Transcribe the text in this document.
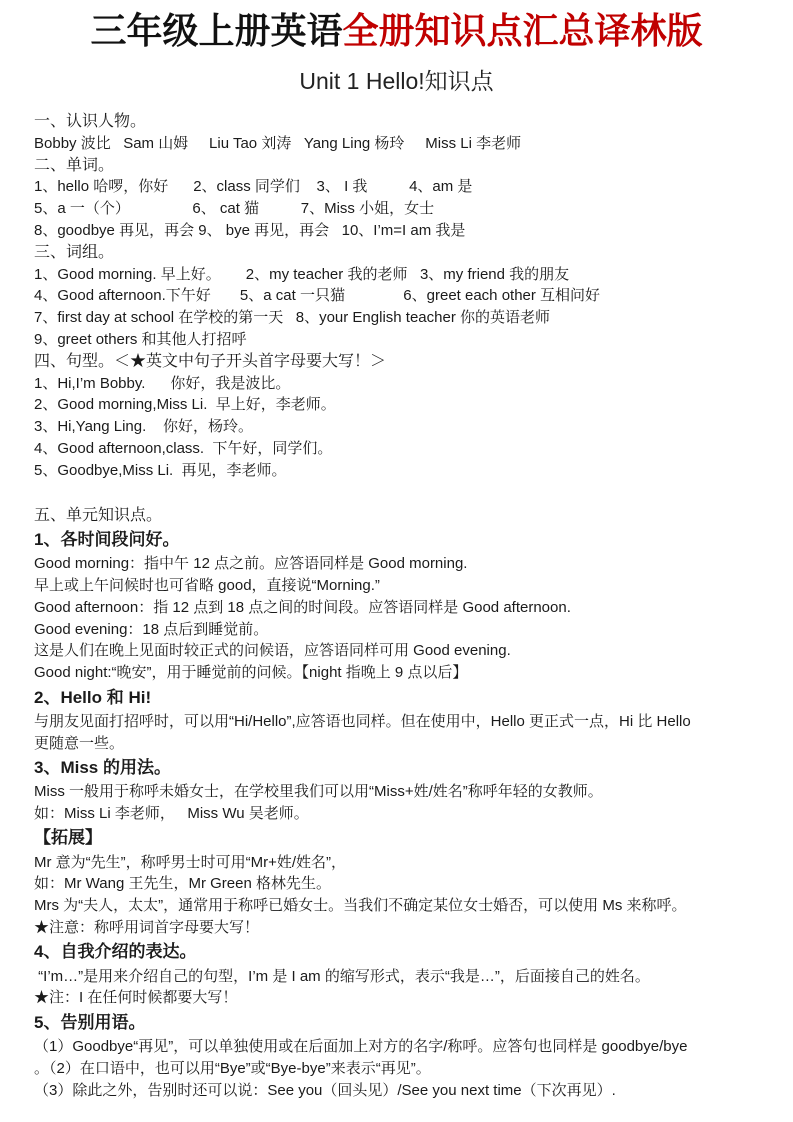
三年级上册英语全册知识点汇总译林版
Unit 1 Hello!知识点
一、认识人物。
Bobby 波比   Sam 山姆     Liu Tao 刘涛   Yang Ling 杨玲     Miss Li 李老师
二、单词。
1、hello 哈啰，你好      2、class 同学们    3、 I 我          4、am 是
5、a 一（个）               6、 cat 猫          7、Miss 小姐，女士
8、goodbye 再见，再会 9、 bye 再见，再会   10、I’m=I am 我是
三、词组。
1、Good morning. 早上好。      2、my teacher 我的老师   3、my friend 我的朋友
4、Good afternoon.下午好       5、a cat 一只猫              6、greet each other 互相问好
7、first day at school 在学校的第一天   8、your English teacher 你的英语老师
9、greet others 和其他人打招呼
四、句型。＜★英文中句子开头首字母要大写！＞
1、Hi,I’m Bobby.      你好，我是波比。
2、Good morning,Miss Li.  早上好，李老师。
3、Hi,Yang Ling.    你好，杨玲。
4、Good afternoon,class.  下午好，同学们。
5、Goodbye,Miss Li.  再见，李老师。
五、单元知识点。
1、各时间段问好。
Good morning：指中午 12 点之前。应答语同样是 Good morning.
早上或上午问候时也可省略 good，直接说“Morning.”
Good afternoon：指 12 点到 18 点之间的时间段。应答语同样是 Good afternoon.
Good evening：18 点后到睡觉前。
这是人们在晚上见面时较正式的问候语，应答语同样可用 Good evening.
Good night:“晚安”，用于睡觉前的问候。【night 指晚上 9 点以后】
2、Hello 和 Hi!
与朋友见面打招呼时，可以用“Hi/Hello”,应答语也同样。但在使用中，Hello 更正式一点，Hi 比 Hello
更随意一些。
3、Miss 的用法。
Miss 一般用于称呼未婚女士，在学校里我们可以用“Miss+姓/姓名”称呼年轻的女教师。
如：Miss Li 李老师，   Miss Wu 吴老师。
【拓展】
Mr 意为“先生”，称呼男士时可用“Mr+姓/姓名”，
如：Mr Wang 王先生，Mr Green 格林先生。
Mrs 为“夫人，太太”，通常用于称呼已婚女士。当我们不确定某位女士婚否，可以使用 Ms 来称呼。
★注意：称呼用词首字母要大写！
4、自我介绍的表达。
“I’m…”是用来介绍自己的句型，I’m 是 I am 的缩写形式，表示“我是…”，后面接自己的姓名。
★注：I 在任何时候都要大写！
5、告别用语。
（1）Goodbye“再见”，可以单独使用或在后面加上对方的名字/称呼。应答句也同样是 goodbye/bye
。（2）在口语中，也可以用“Bye”或“Bye-bye”来表示“再见”。
（3）除此之外，告别时还可以说：See you（回头见）/See you next time（下次再见）.
